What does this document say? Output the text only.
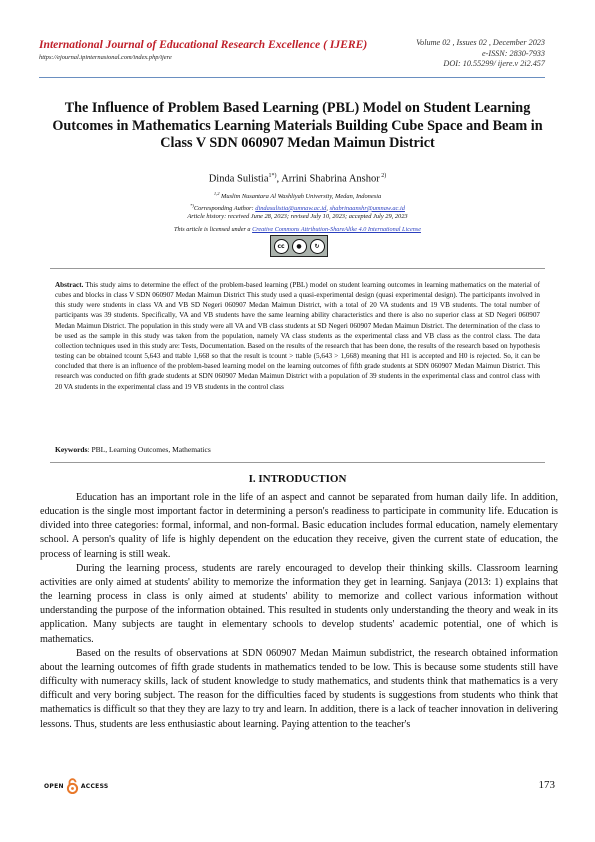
International Journal of Educational Research Excellence ( IJERE)
https://ejournal.ipinternasional.com/index.php/ijere
Volume 02 , Issues 02 , December 2023
e-ISSN: 2830-7933
DOI: 10.55299/ ijere.v 2i2.457
The Influence of Problem Based Learning (PBL) Model on Student Learning Outcomes in Mathematics Learning Materials Building Cube Space and Beam in Class V SDN 060907 Medan Maimun District
Dinda Sulistia$^{1*)}$, Arrini Shabrina Anshor $^{2)}$
$^{1,2}$ Muslim Nusantara Al Washliyah University, Medan, Indonesia
*)Corresponding Author: dindasulistia@umnaw.ac.id, shabrinaanshr@umnaw.ac.id
Article history: received June 28, 2023; revised July 10, 2023; accepted July 29, 2023
This article is licensed under a Creative Commons Attribution-ShareAlike 4.0 International License
cc	●	↻
Abstract. This study aims to determine the effect of the problem-based learning (PBL) model on student learning outcomes in learning mathematics on the material of cubes and blocks in class V SDN 060907 Medan Maimun District This study used a quasi-experimental design (quasi experimental design). The participants involved in this study were students in class VA and VB SD Negeri 060907 Medan Maimun District, with a total of 20 VA students and 19 VB students. The total number of participants was 39 students. Specifically, VA and VB students have the same learning ability characteristics and there is also no superior class at SD Negeri 060907 Medan Maimun District. The population in this study were all VA and VB class students at SD Negeri 060907 Medan Maimun District. The determination of the class to be used as the sample in this study was taken from the population, namely VA class students as the experimental class and VB class as the control class. The data collection techniques used in this study are: Tests, Documentation. Based on the results of the research that has been done, the results of the research based on hypothesis testing can be obtained tcount 5,643 and ttable 1,668 so that the result is tcount > ttable (5,643 > 1,668) meaning that H1 is accepted and H0 is rejected. So, it can be concluded that there is an influence of the problem-based learning model on the learning outcomes of fifth grade students at SDN 060907 Medan Maimun District. This research was conducted on fifth grade students at SDN 060907 Medan Maimun District with a population of 39 students in the experimental class and control class with 20 VA students in the experimental class and 19 VB students in the control class
Keywords: PBL, Learning Outcomes, Mathematics
I. INTRODUCTION

Education has an important role in the life of an aspect and cannot be separated from human daily life. In addition, education is the single most important factor in determining a person's readiness to participate in community life. Education is divided into three categories: formal, informal, and non-formal. Basic education includes formal education, namely elementary school. A person's quality of life is highly dependent on the education they receive, given the current state of education, the process of learning is still weak.

During the learning process, students are rarely encouraged to develop their thinking skills. Classroom learning activities are only aimed at students' ability to memorize the information they get in learning. Sanjaya (2013: 1) explains that the learning process in class is only aimed at students' ability to memorize and collect various information without understanding the purpose of the information obtained. This resulted in students only understanding the theory and weak in its application. Many subjects are taught in elementary schools to develop students' academic potential, one of which is mathematics.

Based on the results of observations at SDN 060907 Medan Maimun subdistrict, the research obtained information about the learning outcomes of fifth grade students in mathematics tended to be low. This is because some students still have difficulty with numeracy skills, lack of student knowledge to study mathematics, and students think that mathematics is a very difficult and very boring subject. The reason for the difficulties faced by students is suggestions from students who think that mathematics is difficult so that they they are lazy to try and learn. In addition, there is a lack of teacher innovation in delivering lessons. Thus, students are less enthusiastic about learning. Paying attention to the teacher's

OPEN	ACCESS	173
